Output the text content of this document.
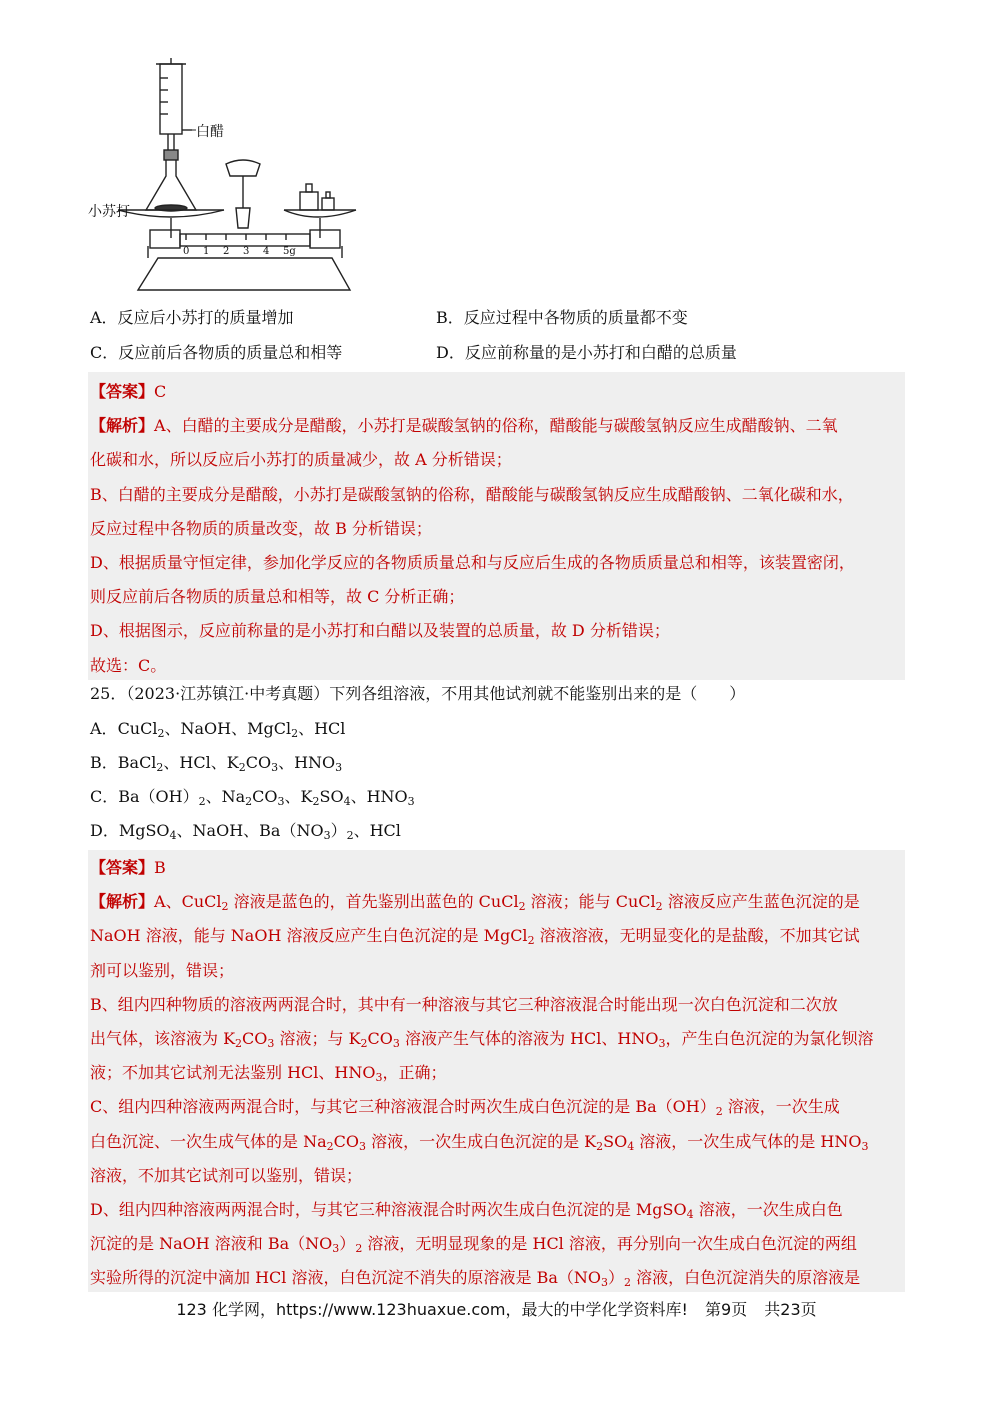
白醋
小苏打
0 1 2 3 4 5g
A．反应后小苏打的质量增加	B．反应过程中各物质的质量都不变
C．反应前后各物质的质量总和相等	D．反应前称量的是小苏打和白醋的总质量

【答案】C

【解析】A、白醋的主要成分是醋酸，小苏打是碳酸氢钠的俗称，醋酸能与碳酸氢钠反应生成醋酸钠、二氧

化碳和水，所以反应后小苏打的质量减少，故 A 分析错误；

B、白醋的主要成分是醋酸，小苏打是碳酸氢钠的俗称，醋酸能与碳酸氢钠反应生成醋酸钠、二氧化碳和水，

反应过程中各物质的质量改变，故 B 分析错误；

D、根据质量守恒定律，参加化学反应的各物质质量总和与反应后生成的各物质质量总和相等，该装置密闭，

则反应前后各物质的质量总和相等，故 C 分析正确；

D、根据图示，反应前称量的是小苏打和白醋以及装置的总质量，故 D 分析错误；

故选：C。

25．（2023·江苏镇江·中考真题）下列各组溶液，不用其他试剂就不能鉴别出来的是（　　）
A．CuCl$_2$、NaOH、MgCl$_2$、HCl
B．BaCl$_2$、HCl、$K_2CO_3$、$HNO_3$
C．$Ba(OH)_2$、$Na_2CO_3$、$K_2SO_4$、$HNO_3$
D．MgSO$_4$、NaOH、$Ba(NO_3)_2$、HCl

【答案】B

【解析】A、CuCl$_2$ 溶液是蓝色的，首先鉴别出蓝色的 CuCl$_2$ 溶液；能与 CuCl$_2$ 溶液反应产生蓝色沉淀的是

NaOH 溶液，能与 NaOH 溶液反应产生白色沉淀的是 MgCl$_2$ 溶液溶液，无明显变化的是盐酸，不加其它试

剂可以鉴别，错误；

B、组内四种物质的溶液两两混合时，其中有一种溶液与其它三种溶液混合时能出现一次白色沉淀和二次放

出气体，该溶液为 $K_2CO_3$ 溶液；与 $K_2CO_3$ 溶液产生气体的溶液为 HCl、$HNO_3$，产生白色沉淀的为氯化钡溶

液；不加其它试剂无法鉴别 HCl、$HNO_3$，正确；

C、组内四种溶液两两混合时，与其它三种溶液混合时两次生成白色沉淀的是 $Ba(OH)_2$ 溶液，一次生成

白色沉淀、一次生成气体的是 $Na_2CO_3$ 溶液，一次生成白色沉淀的是 $K_2SO_4$ 溶液，一次生成气体的是 $HNO_3$

溶液，不加其它试剂可以鉴别，错误；

D、组内四种溶液两两混合时，与其它三种溶液混合时两次生成白色沉淀的是 MgSO$_4$ 溶液，一次生成白色

沉淀的是 NaOH 溶液和 $Ba(NO_3)_2$ 溶液，无明显现象的是 HCl 溶液，再分别向一次生成白色沉淀的两组

实验所得的沉淀中滴加 HCl 溶液，白色沉淀不消失的原溶液是 $Ba(NO_3)_2$ 溶液，白色沉淀消失的原溶液是

123 化学网，https://www.123huaxue.com，最大的中学化学资料库! 第9页 共23页
